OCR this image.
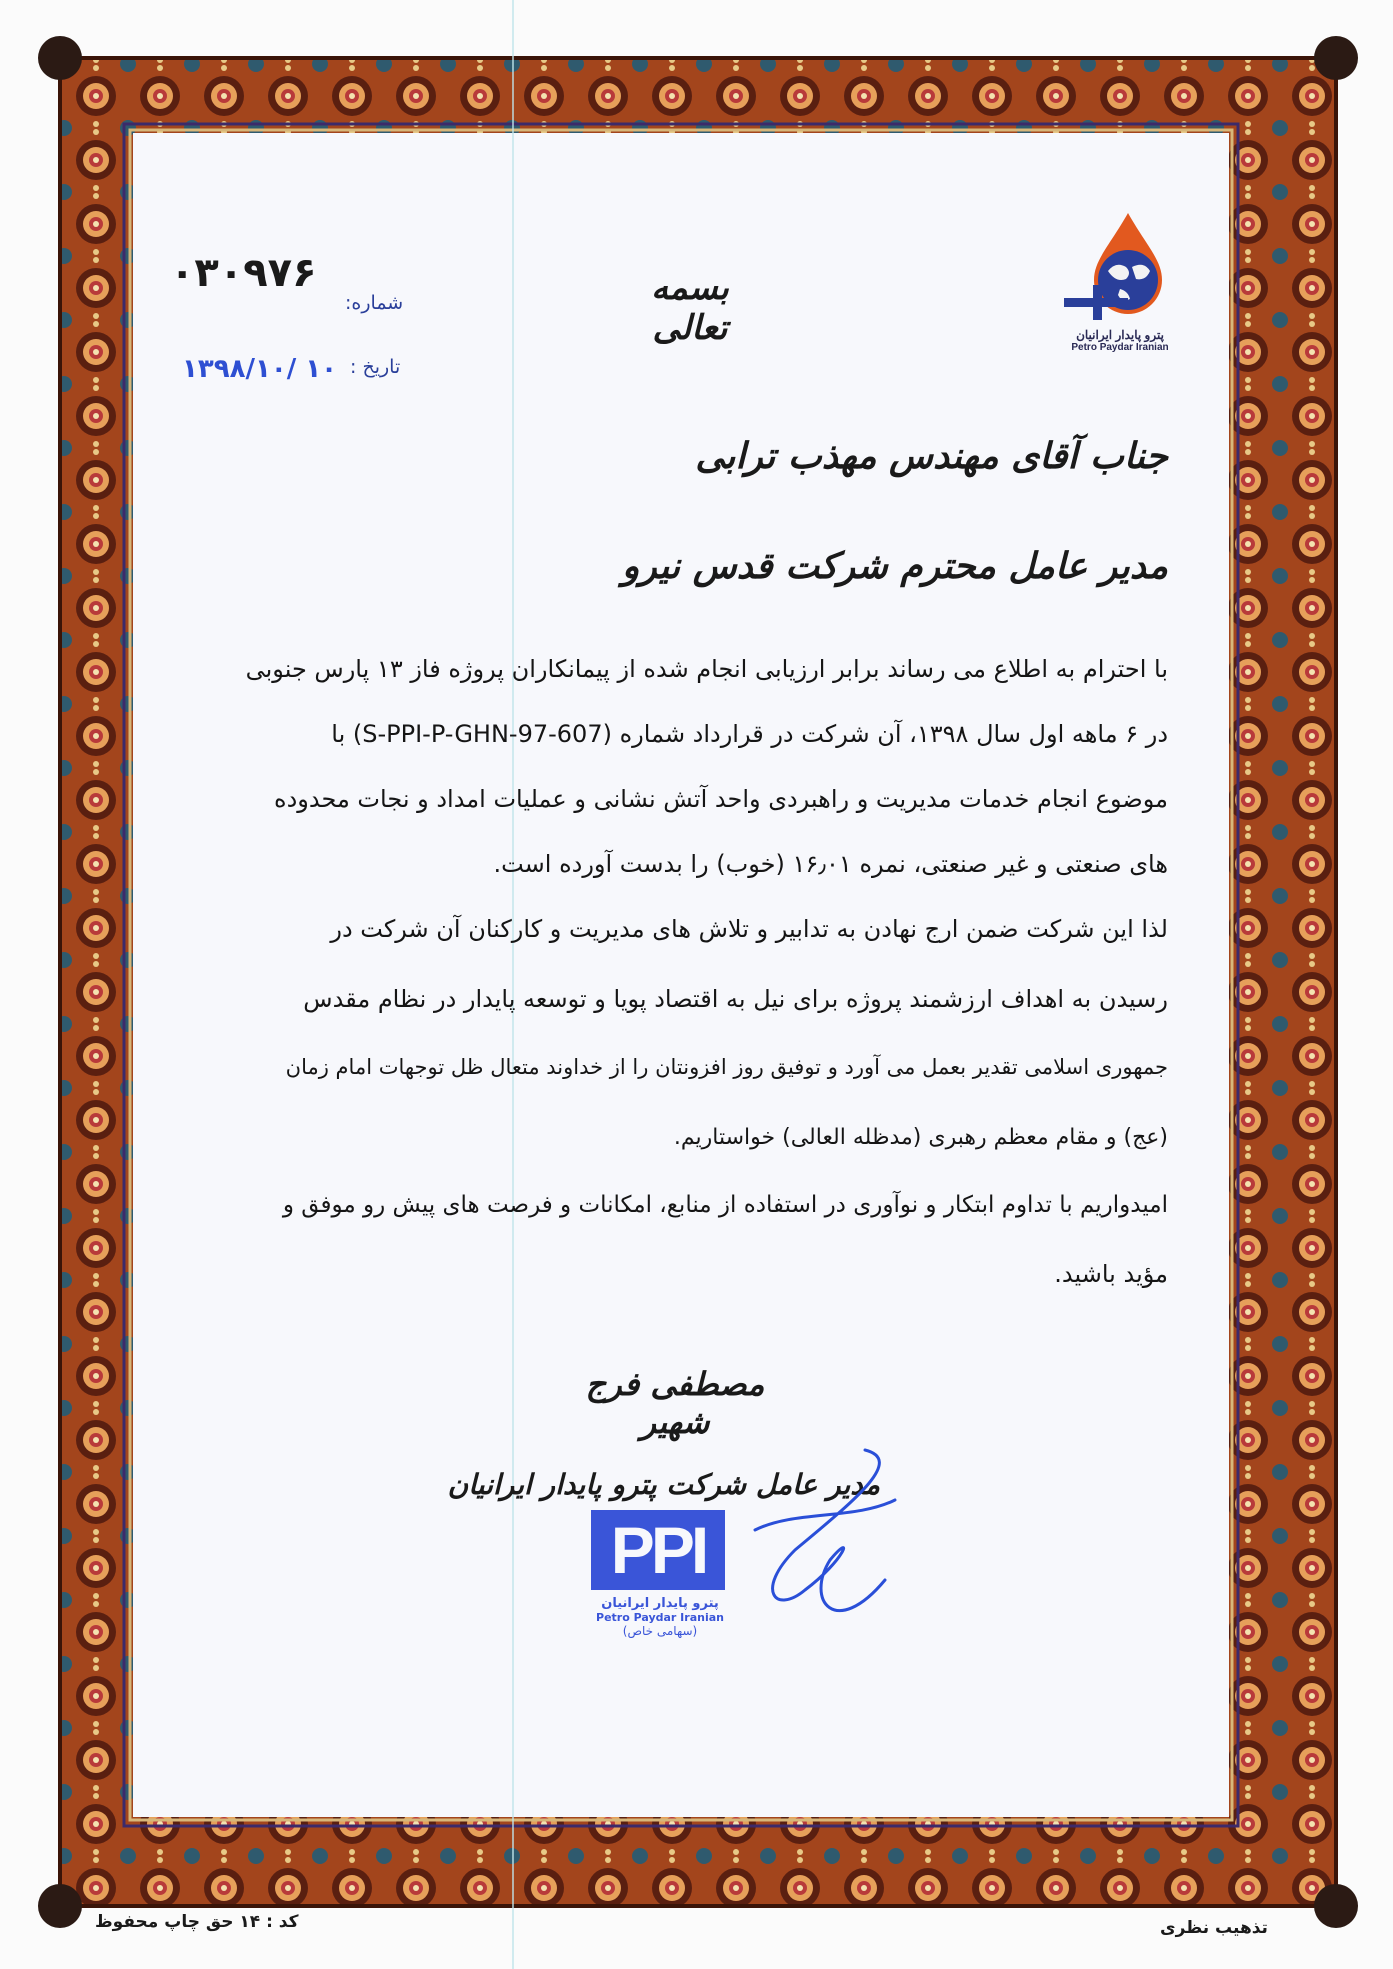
پترو پایدار ایرانیان
Petro Paydar Iranian
بسمه تعالی
شماره:
۰۳۰۹۷۶
تاریخ :
۱۳۹۸/۱۰/ ۱۰
جناب آقای مهندس مهذب ترابی
مدیر عامل محترم شرکت قدس نیرو
با احترام به اطلاع می رساند برابر ارزیابی انجام شده از پیمانکاران پروژه فاز ۱۳ پارس جنوبی
در ۶ ماهه اول سال ۱۳۹۸، آن شرکت در قرارداد شماره (S-PPI-P-GHN-97-607) با
موضوع انجام خدمات مدیریت و راهبردی واحد آتش نشانی و عملیات امداد و نجات محدوده
های صنعتی و غیر صنعتی، نمره ۱۶٫۰۱ (خوب) را بدست آورده است.
لذا این شرکت ضمن ارج نهادن به تدابیر و تلاش های مدیریت و کارکنان آن شرکت در
رسیدن به اهداف ارزشمند پروژه برای نیل به اقتصاد پویا و توسعه پایدار در نظام مقدس
جمهوری اسلامی تقدیر بعمل می آورد و توفیق روز افزونتان را از خداوند متعال ظل توجهات امام زمان
(عج) و مقام معظم رهبری (مدظله العالی) خواستاریم.
امیدواریم با تداوم ابتکار و نوآوری در استفاده از منابع، امکانات و فرصت های پیش رو موفق و
مؤید باشید.
مصطفی فرج شهیر
مدیر عامل شرکت پترو پایدار ایرانیان
PPI
پترو پایدار ایرانیان
Petro Paydar Iranian
(سهامی خاص)
کد : ۱۴ حق چاپ محفوظ	تذهیب نظری
